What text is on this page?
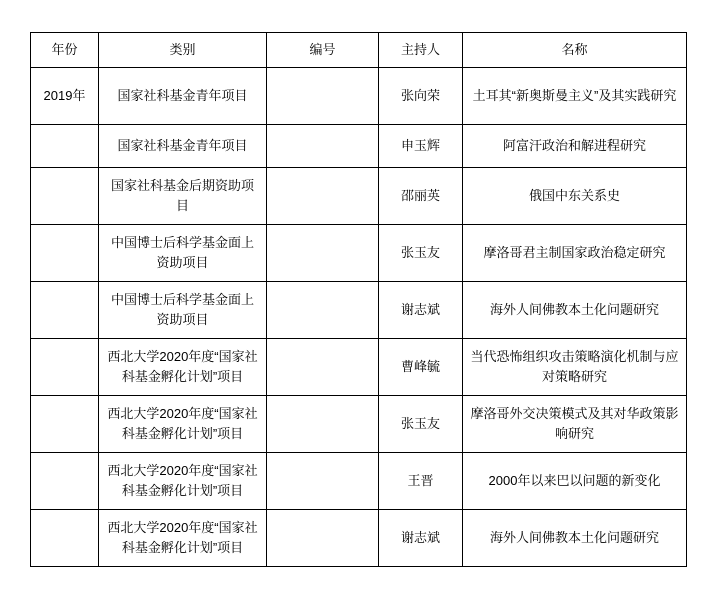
年份	类别	编号	主持人	名称
2019年	国家社科基金青年项目		张向荣	土耳其“新奥斯曼主义”及其实践研究
	国家社科基金青年项目		申玉辉	阿富汗政治和解进程研究
	国家社科基金后期资助项目		邵丽英	俄国中东关系史
	中国博士后科学基金面上资助项目		张玉友	摩洛哥君主制国家政治稳定研究
	中国博士后科学基金面上资助项目		谢志斌	海外人间佛教本土化问题研究
	西北大学2020年度“国家社科基金孵化计划”项目		曹峰毓	当代恐怖组织攻击策略演化机制与应对策略研究
	西北大学2020年度“国家社科基金孵化计划”项目		张玉友	摩洛哥外交决策模式及其对华政策影响研究
	西北大学2020年度“国家社科基金孵化计划”项目		王晋	2000年以来巴以问题的新变化
	西北大学2020年度“国家社科基金孵化计划”项目		谢志斌	海外人间佛教本土化问题研究
